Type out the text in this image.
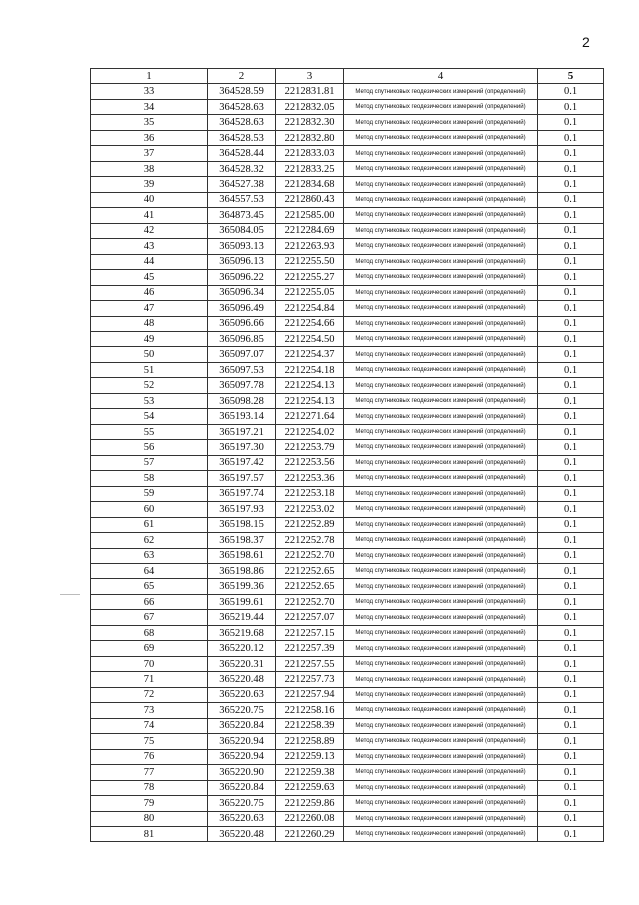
2
1	2	3	4	5
33	364528.59	2212831.81	Метод спутниковых геодезических измерений (определений)	0.1
34	364528.63	2212832.05	Метод спутниковых геодезических измерений (определений)	0.1
35	364528.63	2212832.30	Метод спутниковых геодезических измерений (определений)	0.1
36	364528.53	2212832.80	Метод спутниковых геодезических измерений (определений)	0.1
37	364528.44	2212833.03	Метод спутниковых геодезических измерений (определений)	0.1
38	364528.32	2212833.25	Метод спутниковых геодезических измерений (определений)	0.1
39	364527.38	2212834.68	Метод спутниковых геодезических измерений (определений)	0.1
40	364557.53	2212860.43	Метод спутниковых геодезических измерений (определений)	0.1
41	364873.45	2212585.00	Метод спутниковых геодезических измерений (определений)	0.1
42	365084.05	2212284.69	Метод спутниковых геодезических измерений (определений)	0.1
43	365093.13	2212263.93	Метод спутниковых геодезических измерений (определений)	0.1
44	365096.13	2212255.50	Метод спутниковых геодезических измерений (определений)	0.1
45	365096.22	2212255.27	Метод спутниковых геодезических измерений (определений)	0.1
46	365096.34	2212255.05	Метод спутниковых геодезических измерений (определений)	0.1
47	365096.49	2212254.84	Метод спутниковых геодезических измерений (определений)	0.1
48	365096.66	2212254.66	Метод спутниковых геодезических измерений (определений)	0.1
49	365096.85	2212254.50	Метод спутниковых геодезических измерений (определений)	0.1
50	365097.07	2212254.37	Метод спутниковых геодезических измерений (определений)	0.1
51	365097.53	2212254.18	Метод спутниковых геодезических измерений (определений)	0.1
52	365097.78	2212254.13	Метод спутниковых геодезических измерений (определений)	0.1
53	365098.28	2212254.13	Метод спутниковых геодезических измерений (определений)	0.1
54	365193.14	2212271.64	Метод спутниковых геодезических измерений (определений)	0.1
55	365197.21	2212254.02	Метод спутниковых геодезических измерений (определений)	0.1
56	365197.30	2212253.79	Метод спутниковых геодезических измерений (определений)	0.1
57	365197.42	2212253.56	Метод спутниковых геодезических измерений (определений)	0.1
58	365197.57	2212253.36	Метод спутниковых геодезических измерений (определений)	0.1
59	365197.74	2212253.18	Метод спутниковых геодезических измерений (определений)	0.1
60	365197.93	2212253.02	Метод спутниковых геодезических измерений (определений)	0.1
61	365198.15	2212252.89	Метод спутниковых геодезических измерений (определений)	0.1
62	365198.37	2212252.78	Метод спутниковых геодезических измерений (определений)	0.1
63	365198.61	2212252.70	Метод спутниковых геодезических измерений (определений)	0.1
64	365198.86	2212252.65	Метод спутниковых геодезических измерений (определений)	0.1
65	365199.36	2212252.65	Метод спутниковых геодезических измерений (определений)	0.1
66	365199.61	2212252.70	Метод спутниковых геодезических измерений (определений)	0.1
67	365219.44	2212257.07	Метод спутниковых геодезических измерений (определений)	0.1
68	365219.68	2212257.15	Метод спутниковых геодезических измерений (определений)	0.1
69	365220.12	2212257.39	Метод спутниковых геодезических измерений (определений)	0.1
70	365220.31	2212257.55	Метод спутниковых геодезических измерений (определений)	0.1
71	365220.48	2212257.73	Метод спутниковых геодезических измерений (определений)	0.1
72	365220.63	2212257.94	Метод спутниковых геодезических измерений (определений)	0.1
73	365220.75	2212258.16	Метод спутниковых геодезических измерений (определений)	0.1
74	365220.84	2212258.39	Метод спутниковых геодезических измерений (определений)	0.1
75	365220.94	2212258.89	Метод спутниковых геодезических измерений (определений)	0.1
76	365220.94	2212259.13	Метод спутниковых геодезических измерений (определений)	0.1
77	365220.90	2212259.38	Метод спутниковых геодезических измерений (определений)	0.1
78	365220.84	2212259.63	Метод спутниковых геодезических измерений (определений)	0.1
79	365220.75	2212259.86	Метод спутниковых геодезических измерений (определений)	0.1
80	365220.63	2212260.08	Метод спутниковых геодезических измерений (определений)	0.1
81	365220.48	2212260.29	Метод спутниковых геодезических измерений (определений)	0.1
